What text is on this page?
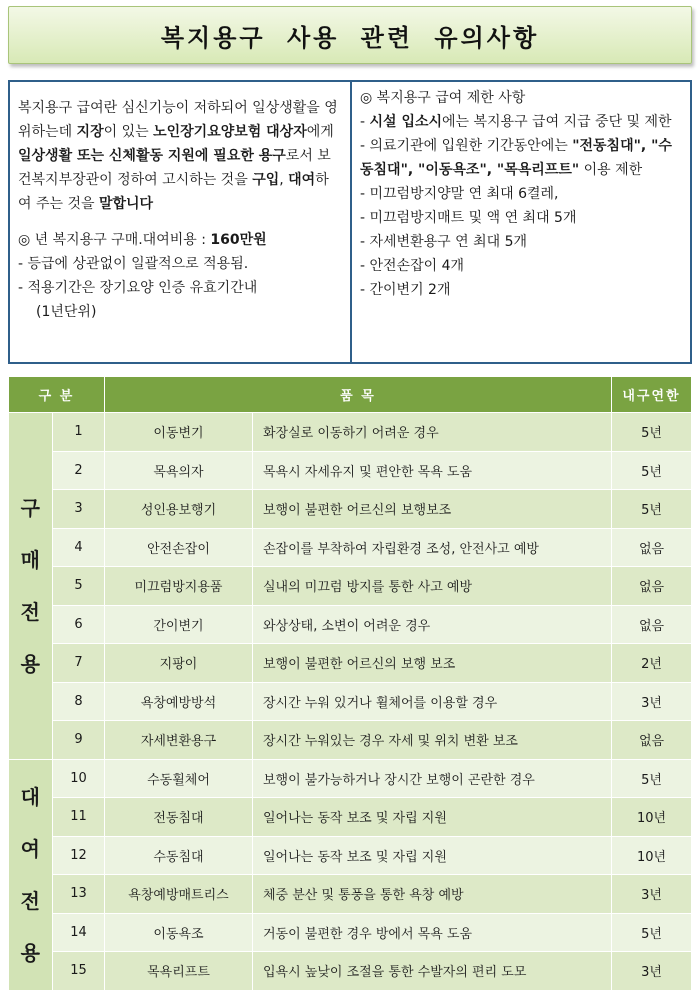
복지용구 사용 관련 유의사항

복지용구 급여란 심신기능이 저하되어 일상생활을 영위하는데 지장이 있는 노인장기요양보험 대상자에게 일상생활 또는 신체활동 지원에 필요한 용구로서 보건복지부장관이 정하여 고시하는 것을 구입, 대여하여 주는 것을 말합니다

◎ 년 복지용구 구매.대여비용 : 160만원

- 등급에 상관없이 일괄적으로 적용됨.

- 적용기간은 장기요양 인증 유효기간내

(1년단위)

◎ 복지용구 급여 제한 사항

- 시설 입소시에는 복지용구 급여 지급 중단 및 제한

- 의료기관에 입원한 기간동안에는 "전동침대", "수동침대", "이동욕조", "목욕리프트" 이용 제한

- 미끄럼방지양말 연 최대 6켤레,

- 미끄럼방지매트 및 액 연 최대 5개

- 자세변환용구 연 최대 5개

- 안전손잡이 4개

- 간이변기 2개

구 분		품 목		내구연한

구
매
전
용	1	이동변기	화장실로 이동하기 어려운 경우	5년
	2	목욕의자	목욕시 자세유지 및 편안한 목욕 도움	5년
	3	성인용보행기	보행이 불편한 어르신의 보행보조	5년
	4	안전손잡이	손잡이를 부착하여 자립환경 조성, 안전사고 예방	없음
	5	미끄럼방지용품	실내의 미끄럼 방지를 통한 사고 예방	없음
	6	간이변기	와상상태, 소변이 어려운 경우	없음
	7	지팡이	보행이 불편한 어르신의 보행 보조	2년
	8	욕창예방방석	장시간 누워 있거나 휠체어를 이용할 경우	3년
	9	자세변환용구	장시간 누워있는 경우 자세 및 위치 변환 보조	없음

대
여
전
용	10	수동휠체어	보행이 불가능하거나 장시간 보행이 곤란한 경우	5년
	11	전동침대	일어나는 동작 보조 및 자립 지원	10년
	12	수동침대	일어나는 동작 보조 및 자립 지원	10년
	13	욕창예방매트리스	체중 분산 및 통풍을 통한 욕창 예방	3년
	14	이동욕조	거동이 불편한 경우 방에서 목욕 도움	5년
	15	목욕리프트	입욕시 높낮이 조절을 통한 수발자의 편리 도모	3년
